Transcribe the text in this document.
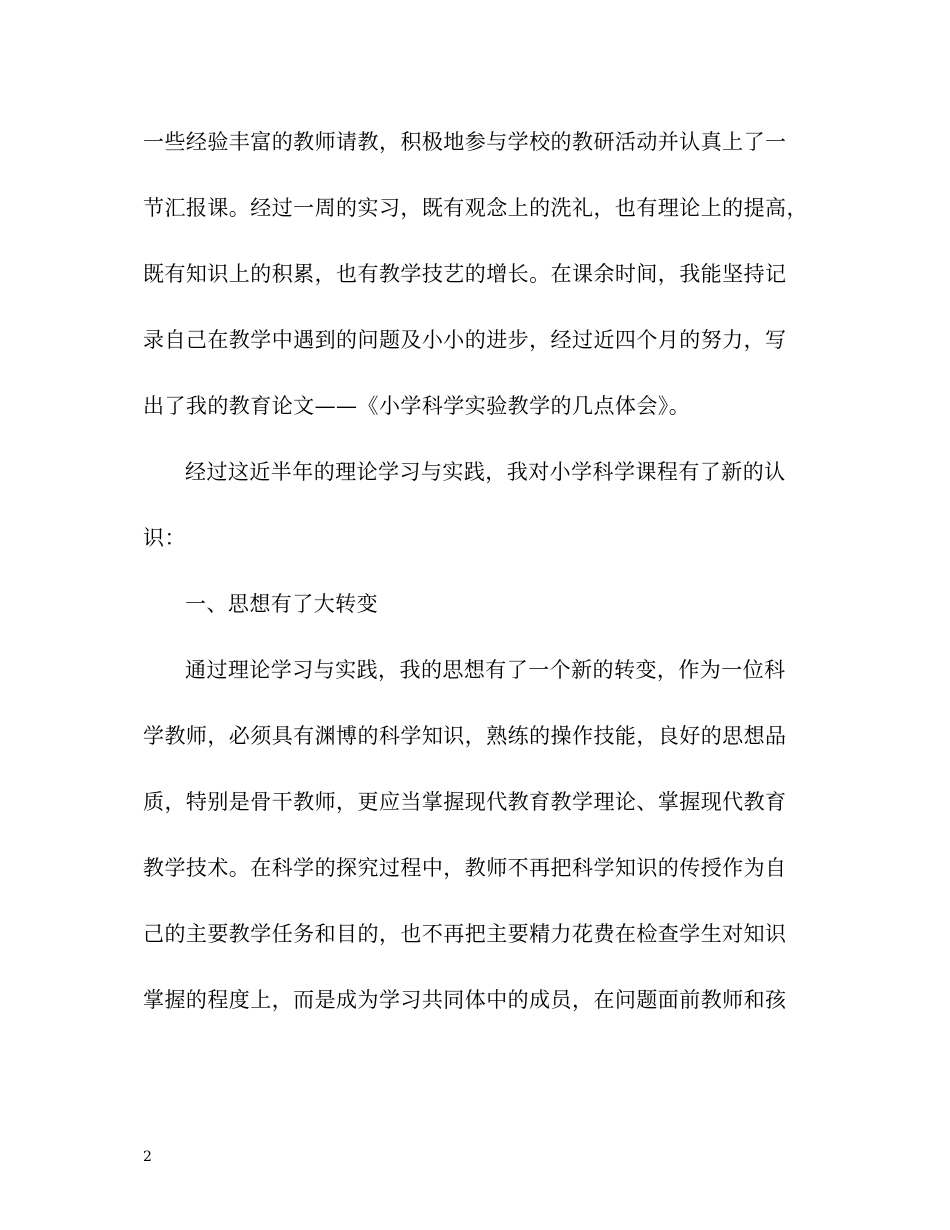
一些经验丰富的教师请教，积极地参与学校的教研活动并认真上了一
节汇报课。经过一周的实习，既有观念上的洗礼，也有理论上的提高，
既有知识上的积累，也有教学技艺的增长。在课余时间，我能坚持记
录自己在教学中遇到的问题及小小的进步，经过近四个月的努力，写
出了我的教育论文——《小学科学实验教学的几点体会》。
经过这近半年的理论学习与实践，我对小学科学课程有了新的认
识：
一、思想有了大转变
通过理论学习与实践，我的思想有了一个新的转变，作为一位科
学教师，必须具有渊博的科学知识，熟练的操作技能，良好的思想品
质，特别是骨干教师，更应当掌握现代教育教学理论、掌握现代教育
教学技术。在科学的探究过程中，教师不再把科学知识的传授作为自
己的主要教学任务和目的，也不再把主要精力花费在检查学生对知识
掌握的程度上，而是成为学习共同体中的成员，在问题面前教师和孩
2
